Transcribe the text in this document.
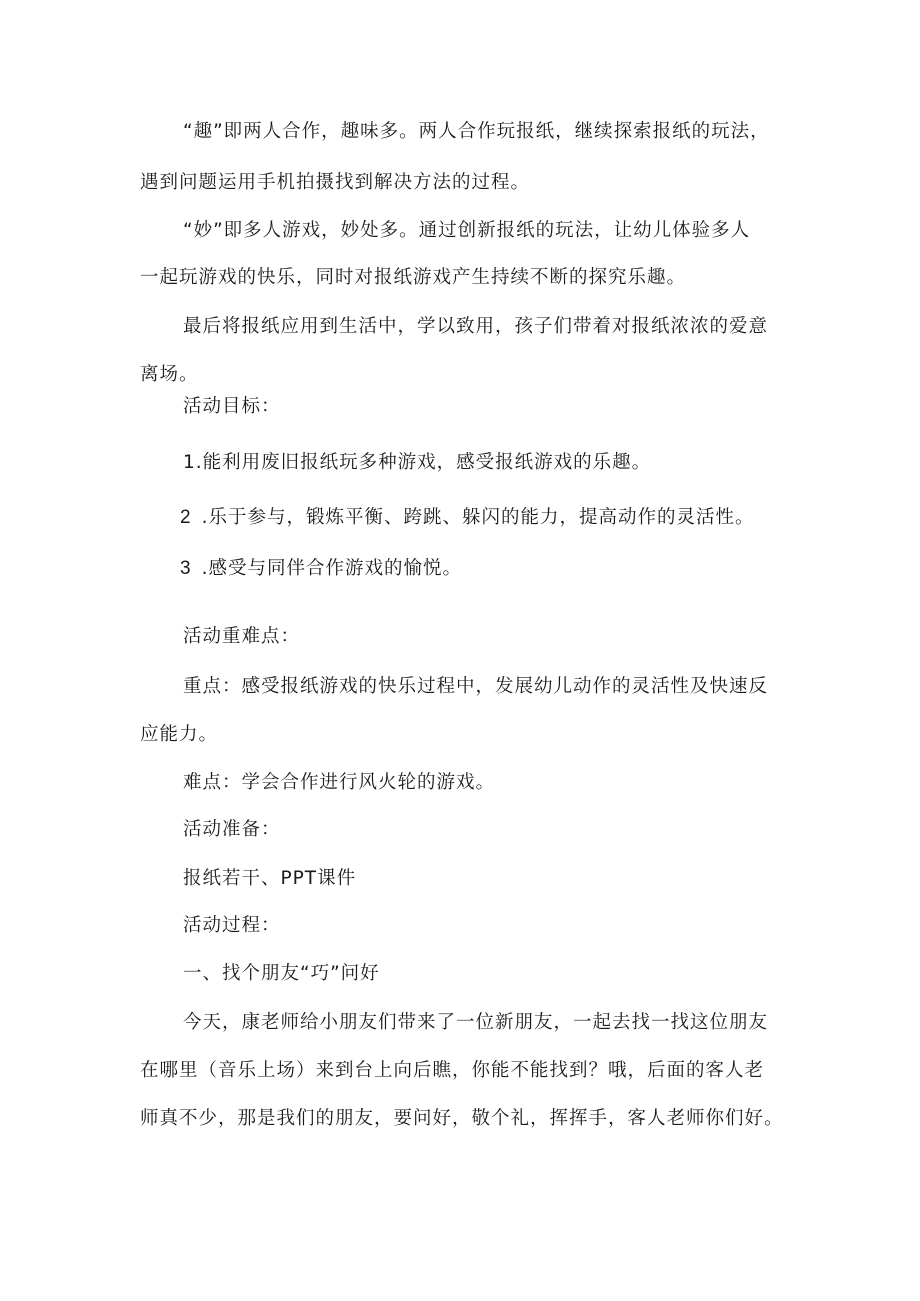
“趣”即两人合作，趣味多。两人合作玩报纸，继续探索报纸的玩法，
遇到问题运用手机拍摄找到解决方法的过程。
“妙”即多人游戏，妙处多。通过创新报纸的玩法，让幼儿体验多人
一起玩游戏的快乐，同时对报纸游戏产生持续不断的探究乐趣。
最后将报纸应用到生活中，学以致用，孩子们带着对报纸浓浓的爱意
离场。
活动目标：
1.能利用废旧报纸玩多种游戏，感受报纸游戏的乐趣。
2 .乐于参与，锻炼平衡、跨跳、躲闪的能力，提高动作的灵活性。
3 .感受与同伴合作游戏的愉悦。
活动重难点：
重点：感受报纸游戏的快乐过程中，发展幼儿动作的灵活性及快速反
应能力。
难点：学会合作进行风火轮的游戏。
活动准备：
报纸若干、PPT课件
活动过程：
一、找个朋友“巧”问好
今天，康老师给小朋友们带来了一位新朋友，一起去找一找这位朋友
在哪里（音乐上场）来到台上向后瞧，你能不能找到？哦，后面的客人老
师真不少，那是我们的朋友，要问好，敬个礼，挥挥手，客人老师你们好。
